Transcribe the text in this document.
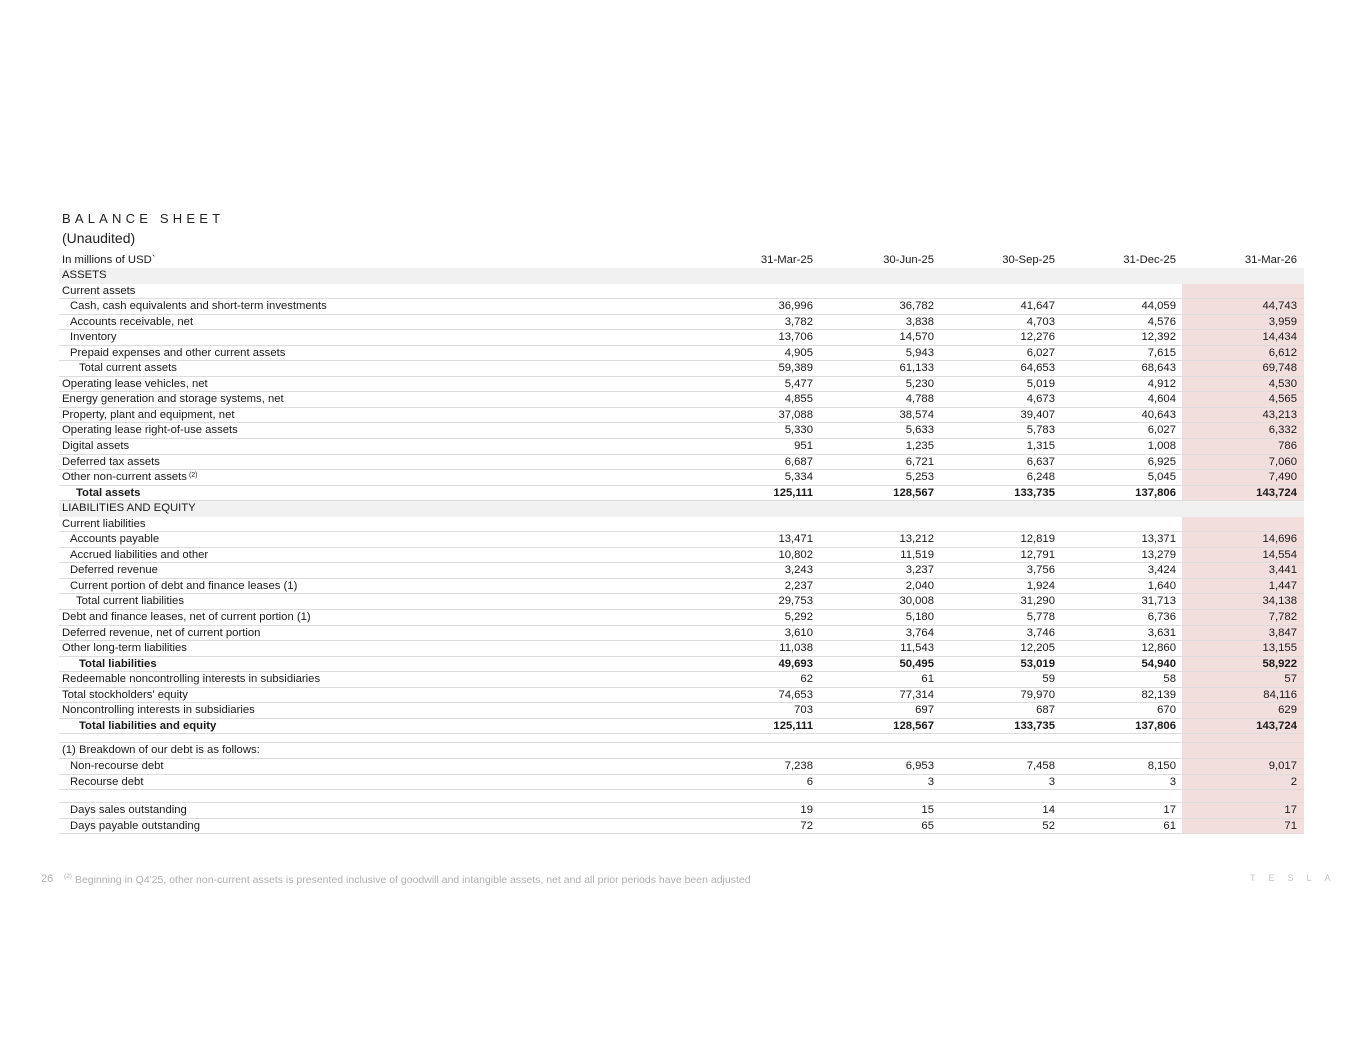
BALANCE SHEET
(Unaudited)
In millions of USD`	31-Mar-25	30-Jun-25	30-Sep-25	31-Dec-25	31-Mar-26
ASSETS
Current assets
Cash, cash equivalents and short-term investments	36,996	36,782	41,647	44,059	44,743
Accounts receivable, net	3,782	3,838	4,703	4,576	3,959
Inventory	13,706	14,570	12,276	12,392	14,434
Prepaid expenses and other current assets	4,905	5,943	6,027	7,615	6,612
Total current assets	59,389	61,133	64,653	68,643	69,748
Operating lease vehicles, net	5,477	5,230	5,019	4,912	4,530
Energy generation and storage systems, net	4,855	4,788	4,673	4,604	4,565
Property, plant and equipment, net	37,088	38,574	39,407	40,643	43,213
Operating lease right-of-use assets	5,330	5,633	5,783	6,027	6,332
Digital assets	951	1,235	1,315	1,008	786
Deferred tax assets	6,687	6,721	6,637	6,925	7,060
Other non-current assets $^{(2)}$	5,334	5,253	6,248	5,045	7,490
Total assets	125,111	128,567	133,735	137,806	143,724
LIABILITIES AND EQUITY
Current liabilities
Accounts payable	13,471	13,212	12,819	13,371	14,696
Accrued liabilities and other	10,802	11,519	12,791	13,279	14,554
Deferred revenue	3,243	3,237	3,756	3,424	3,441
Current portion of debt and finance leases (1)	2,237	2,040	1,924	1,640	1,447
Total current liabilities	29,753	30,008	31,290	31,713	34,138
Debt and finance leases, net of current portion (1)	5,292	5,180	5,778	6,736	7,782
Deferred revenue, net of current portion	3,610	3,764	3,746	3,631	3,847
Other long-term liabilities	11,038	11,543	12,205	12,860	13,155
Total liabilities	49,693	50,495	53,019	54,940	58,922
Redeemable noncontrolling interests in subsidiaries	62	61	59	58	57
Total stockholders' equity	74,653	77,314	79,970	82,139	84,116
Noncontrolling interests in subsidiaries	703	697	687	670	629
Total liabilities and equity	125,111	128,567	133,735	137,806	143,724
(1) Breakdown of our debt is as follows:
Non-recourse debt	7,238	6,953	7,458	8,150	9,017
Recourse debt	6	3	3	3	2
Days sales outstanding	19	15	14	17	17
Days payable outstanding	72	65	52	61	71
26	$^{(2)}$ Beginning in Q4'25, other non-current assets is presented inclusive of goodwill and intangible assets, net and all prior periods have been adjusted	TESLA
